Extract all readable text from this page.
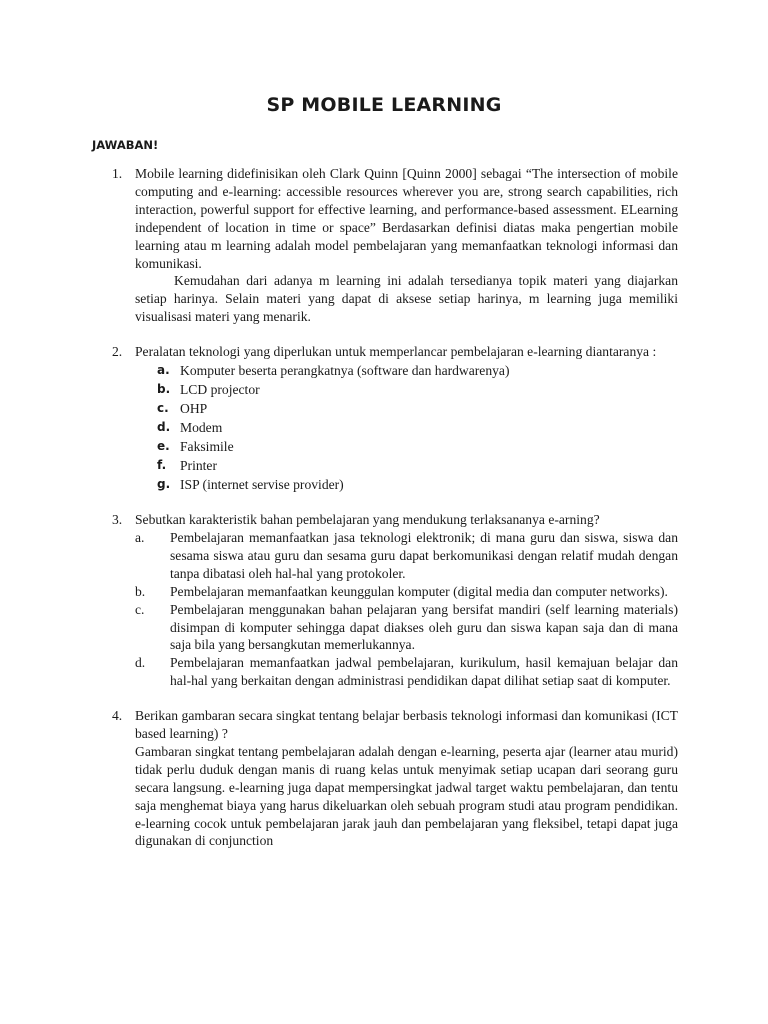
SP MOBILE LEARNING
JAWABAN!
1. Mobile learning didefinisikan oleh Clark Quinn [Quinn 2000] sebagai “The intersection of mobile computing and e-learning: accessible resources wherever you are, strong search capabilities, rich interaction, powerful support for effective learning, and performance-based assessment. ELearning independent of location in time or space” Berdasarkan definisi diatas maka pengertian mobile learning atau m learning adalah model pembelajaran yang memanfaatkan teknologi informasi dan komunikasi.

Kemudahan dari adanya m learning ini adalah tersedianya topik materi yang diajarkan setiap harinya. Selain materi yang dapat di aksese setiap harinya, m learning juga memiliki visualisasi materi yang menarik.

2. Peralatan teknologi yang diperlukan untuk memperlancar pembelajaran e-learning diantaranya :

a. Komputer beserta perangkatnya (software dan hardwarenya)
b. LCD projector
c. OHP
d. Modem
e. Faksimile
f. Printer
g. ISP (internet servise provider)
3. Sebutkan karakteristik bahan pembelajaran yang mendukung terlaksananya e-arning?

a. Pembelajaran memanfaatkan jasa teknologi elektronik; di mana guru dan siswa, siswa dan sesama siswa atau guru dan sesama guru dapat berkomunikasi dengan relatif mudah dengan tanpa dibatasi oleh hal-hal yang protokoler.

b. Pembelajaran memanfaatkan keunggulan komputer (digital media dan computer networks).

c. Pembelajaran menggunakan bahan pelajaran yang bersifat mandiri (self learning materials) disimpan di komputer sehingga dapat diakses oleh guru dan siswa kapan saja dan di mana saja bila yang bersangkutan memerlukannya.

d. Pembelajaran memanfaatkan jadwal pembelajaran, kurikulum, hasil kemajuan belajar dan hal-hal yang berkaitan dengan administrasi pendidikan dapat dilihat setiap saat di komputer.

4. Berikan gambaran secara singkat tentang belajar berbasis teknologi informasi dan komunikasi (ICT based learning) ?

Gambaran singkat tentang pembelajaran adalah dengan e-learning, peserta ajar (learner atau murid) tidak perlu duduk dengan manis di ruang kelas untuk menyimak setiap ucapan dari seorang guru secara langsung. e-learning juga dapat mempersingkat jadwal target waktu pembelajaran, dan tentu saja menghemat biaya yang harus dikeluarkan oleh sebuah program studi atau program pendidikan. e-learning cocok untuk pembelajaran jarak jauh dan pembelajaran yang fleksibel, tetapi dapat juga digunakan di conjunction
